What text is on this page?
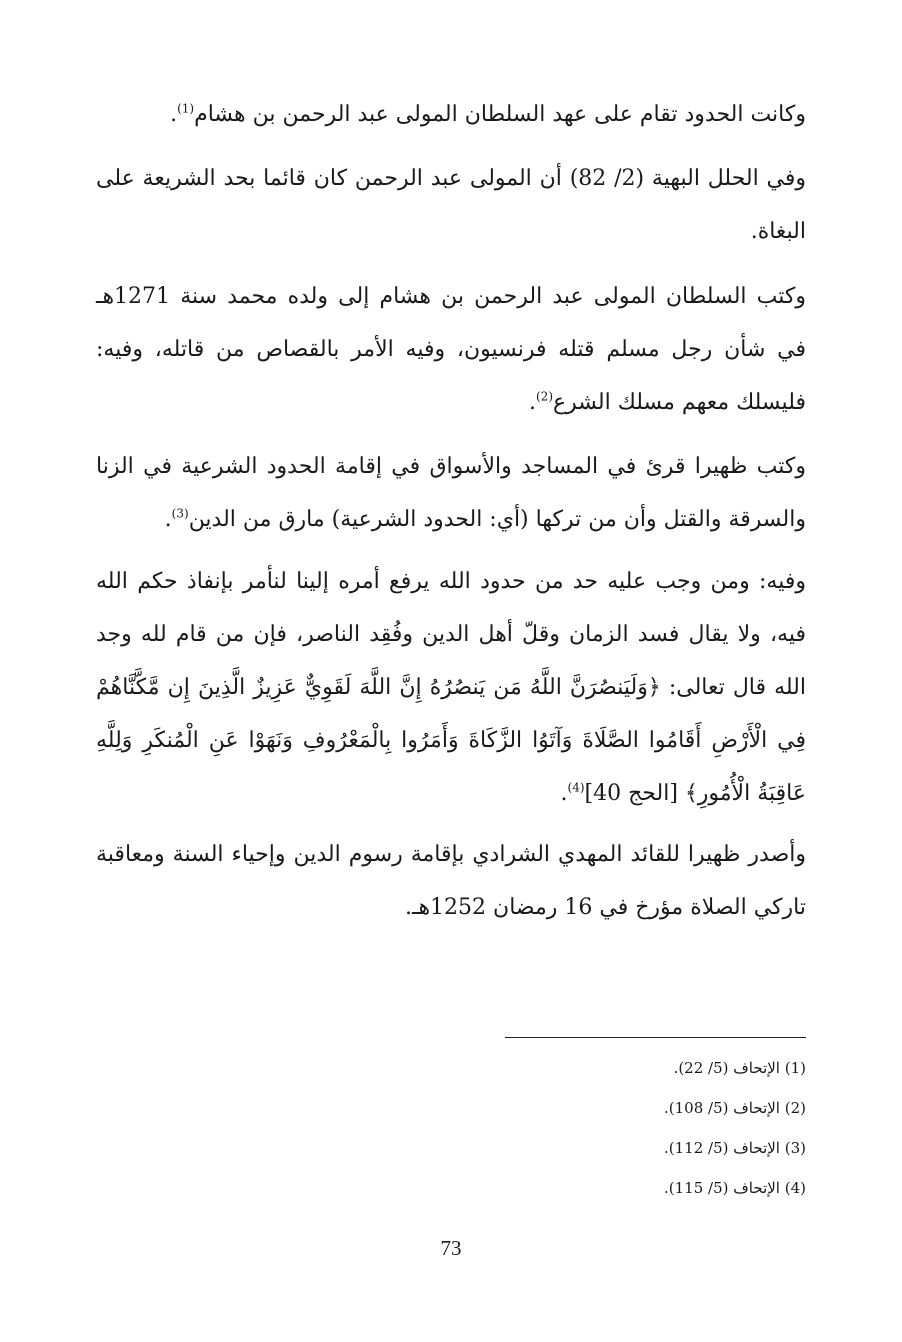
وكانت الحدود تقام على عهد السلطان المولى عبد الرحمن بن هشام$^{(1)}$.

وفي الحلل البهية (2/ 82) أن المولى عبد الرحمن كان قائما بحد الشريعة على البغاة.

وكتب السلطان المولى عبد الرحمن بن هشام إلى ولده محمد سنة 1271هـ في شأن رجل مسلم قتله فرنسيون، وفيه الأمر بالقصاص من قاتله، وفيه: فليسلك معهم مسلك الشرع$^{(2)}$.

وكتب ظهيرا قرئ في المساجد والأسواق في إقامة الحدود الشرعية في الزنا والسرقة والقتل وأن من تركها (أي: الحدود الشرعية) مارق من الدين$^{(3)}$.

وفيه: ومن وجب عليه حد من حدود الله يرفع أمره إلينا لنأمر بإنفاذ حكم الله فيه، ولا يقال فسد الزمان وقلّ أهل الدين وفُقِد الناصر، فإن من قام لله وجد الله قال تعالى: ﴿وَلَيَنصُرَنَّ اللَّهُ مَن يَنصُرُهُ إِنَّ اللَّهَ لَقَوِيٌّ عَزِيزٌ الَّذِينَ إِن مَّكَّنَّاهُمْ فِي الْأَرْضِ أَقَامُوا الصَّلَاةَ وَآتَوُا الزَّكَاةَ وَأَمَرُوا بِالْمَعْرُوفِ وَنَهَوْا عَنِ الْمُنكَرِ وَلِلَّهِ عَاقِبَةُ الْأُمُورِ﴾ [الحج 40]$^{(4)}$.

وأصدر ظهيرا للقائد المهدي الشرادي بإقامة رسوم الدين وإحياء السنة ومعاقبة تاركي الصلاة مؤرخ في 16 رمضان 1252هـ.

(1) الإتحاف (5/ 22).
(2) الإتحاف (5/ 108).
(3) الإتحاف (5/ 112).
(4) الإتحاف (5/ 115).
73
